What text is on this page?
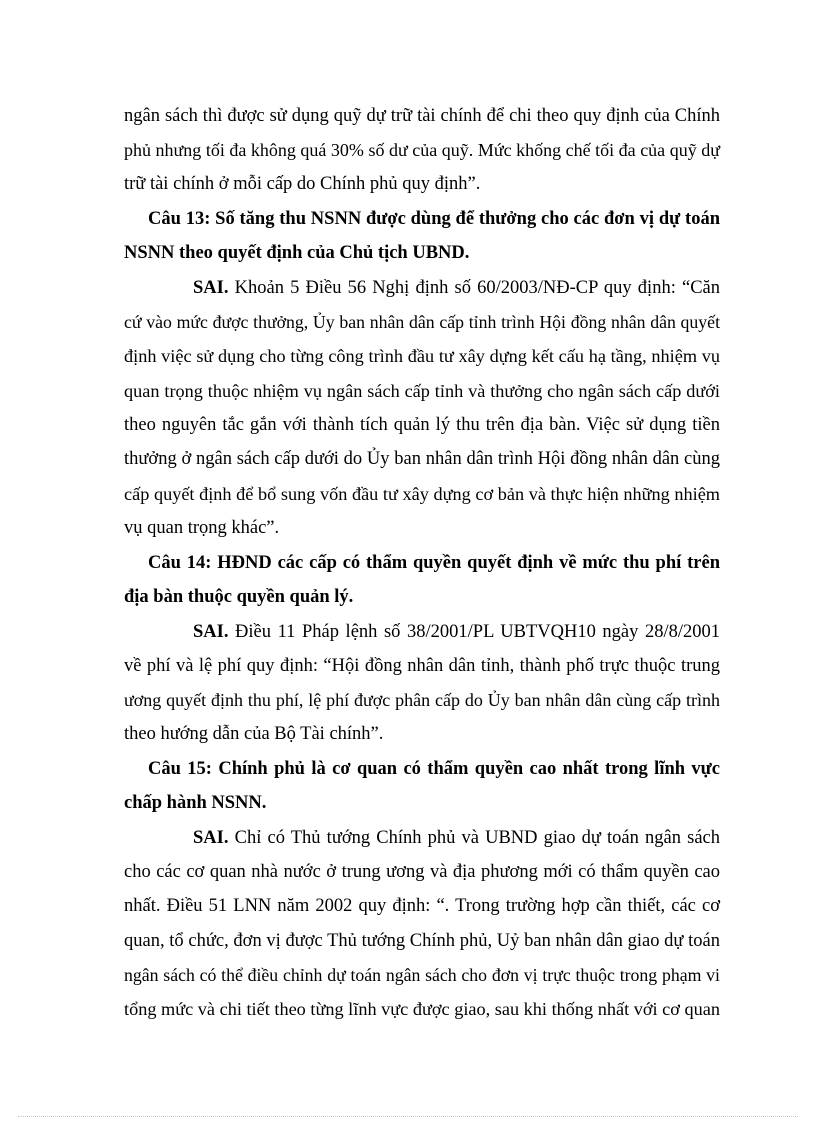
ngân sách thì được sử dụng quỹ dự trữ tài chính để chi theo quy định của Chính
phủ nhưng tối đa không quá 30% số dư của quỹ. Mức khống chế tối đa của quỹ dự
trữ tài chính ở mỗi cấp do Chính phủ quy định”.
Câu 13: Số tăng thu NSNN được dùng để thưởng cho các đơn vị dự toán
NSNN theo quyết định của Chủ tịch UBND.
SAI. Khoản 5 Điều 56 Nghị định số 60/2003/NĐ-CP quy định: “Căn
cứ vào mức được thưởng, Ủy ban nhân dân cấp tỉnh trình Hội đồng nhân dân quyết
định việc sử dụng cho từng công trình đầu tư xây dựng kết cấu hạ tầng, nhiệm vụ
quan trọng thuộc nhiệm vụ ngân sách cấp tỉnh và thưởng cho ngân sách cấp dưới
theo nguyên tắc gắn với thành tích quản lý thu trên địa bàn. Việc sử dụng tiền
thưởng ở ngân sách cấp dưới do Ủy ban nhân dân trình Hội đồng nhân dân cùng
cấp quyết định để bổ sung vốn đầu tư xây dựng cơ bản và thực hiện những nhiệm
vụ quan trọng khác”.
Câu 14: HĐND các cấp có thẩm quyền quyết định về mức thu phí trên
địa bàn thuộc quyền quản lý.
SAI. Điều 11 Pháp lệnh số 38/2001/PL UBTVQH10 ngày 28/8/2001
về phí và lệ phí quy định: “Hội đồng nhân dân tỉnh, thành phố trực thuộc trung
ương quyết định thu phí, lệ phí được phân cấp do Ủy ban nhân dân cùng cấp trình
theo hướng dẫn của Bộ Tài chính”.
Câu 15: Chính phủ là cơ quan có thẩm quyền cao nhất trong lĩnh vực
chấp hành NSNN.
SAI. Chỉ có Thủ tướng Chính phủ và UBND giao dự toán ngân sách
cho các cơ quan nhà nước ở trung ương và địa phương mới có thẩm quyền cao
nhất. Điều 51 LNN năm 2002 quy định: “. Trong trường hợp cần thiết, các cơ
quan, tổ chức, đơn vị được Thủ tướng Chính phủ, Uỷ ban nhân dân giao dự toán
ngân sách có thể điều chỉnh dự toán ngân sách cho đơn vị trực thuộc trong phạm vi
tổng mức và chi tiết theo từng lĩnh vực được giao, sau khi thống nhất với cơ quan
